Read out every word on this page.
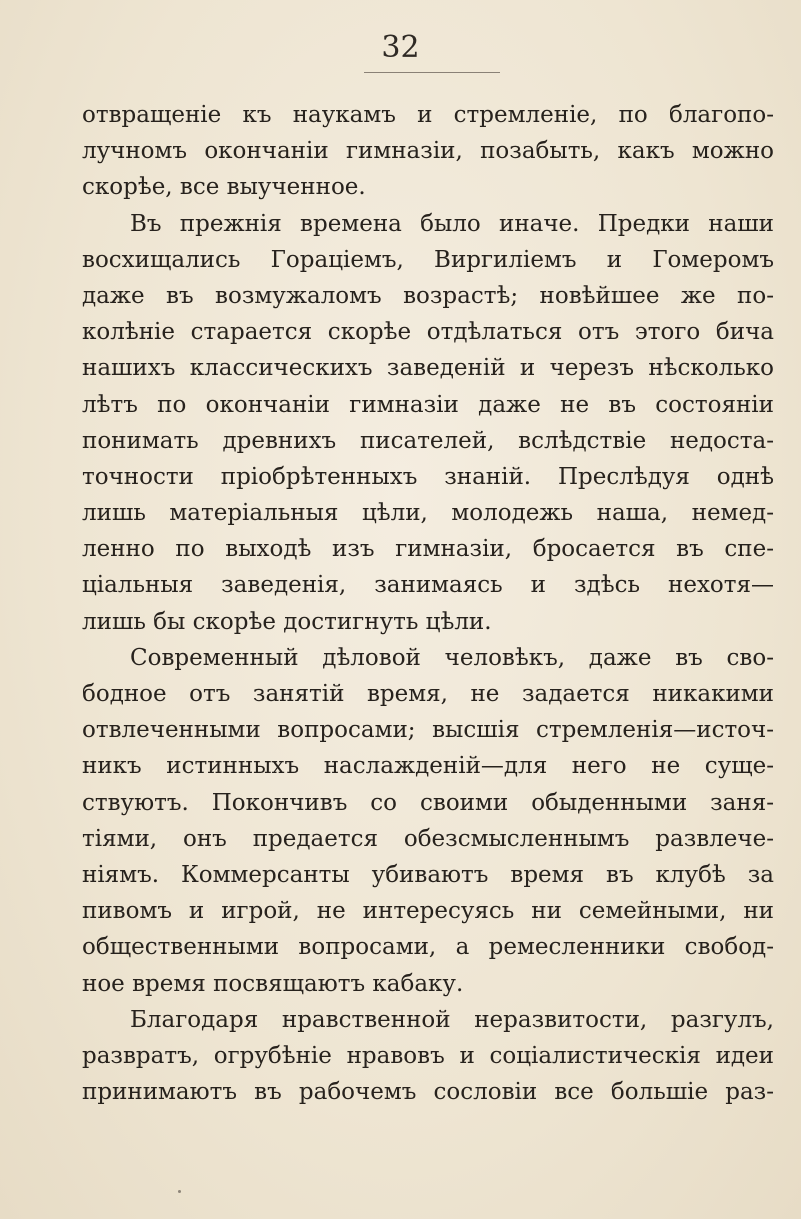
32
отвращеніе къ наукамъ и стремленіе, по благопо-
лучномъ окончаніи гимназіи, позабыть, какъ можно
скорѣе, все выученное.
Въ прежнія времена было иначе. Предки наши
восхищались Гораціемъ, Виргиліемъ и Гомеромъ
даже въ возмужаломъ возрастѣ; новѣйшее же по-
колѣніе старается скорѣе отдѣлаться отъ этого бича
нашихъ классическихъ заведеній и черезъ нѣсколько
лѣтъ по окончаніи гимназіи даже не въ состояніи
понимать древнихъ писателей, вслѣдствіе недоста-
точности пріобрѣтенныхъ знаній. Преслѣдуя однѣ
лишь матеріальныя цѣли, молодежь наша, немед-
ленно по выходѣ изъ гимназіи, бросается въ спе-
ціальныя заведенія, занимаясь и здѣсь нехотя—
лишь бы скорѣе достигнуть цѣли.
Современный дѣловой человѣкъ, даже въ сво-
бодное отъ занятій время, не задается никакими
отвлеченными вопросами; высшія стремленія—источ-
никъ истинныхъ наслажденій—для него не суще-
ствуютъ. Покончивъ со своими обыденными заня-
тіями, онъ предается обезсмысленнымъ развлече-
ніямъ. Коммерсанты убиваютъ время въ клубѣ за
пивомъ и игрой, не интересуясь ни семейными, ни
общественными вопросами, а ремесленники свобод-
ное время посвящаютъ кабаку.
Благодаря нравственной неразвитости, разгулъ,
развратъ, огрубѣніе нравовъ и соціалистическія идеи
принимаютъ въ рабочемъ сословіи все большіе раз-
